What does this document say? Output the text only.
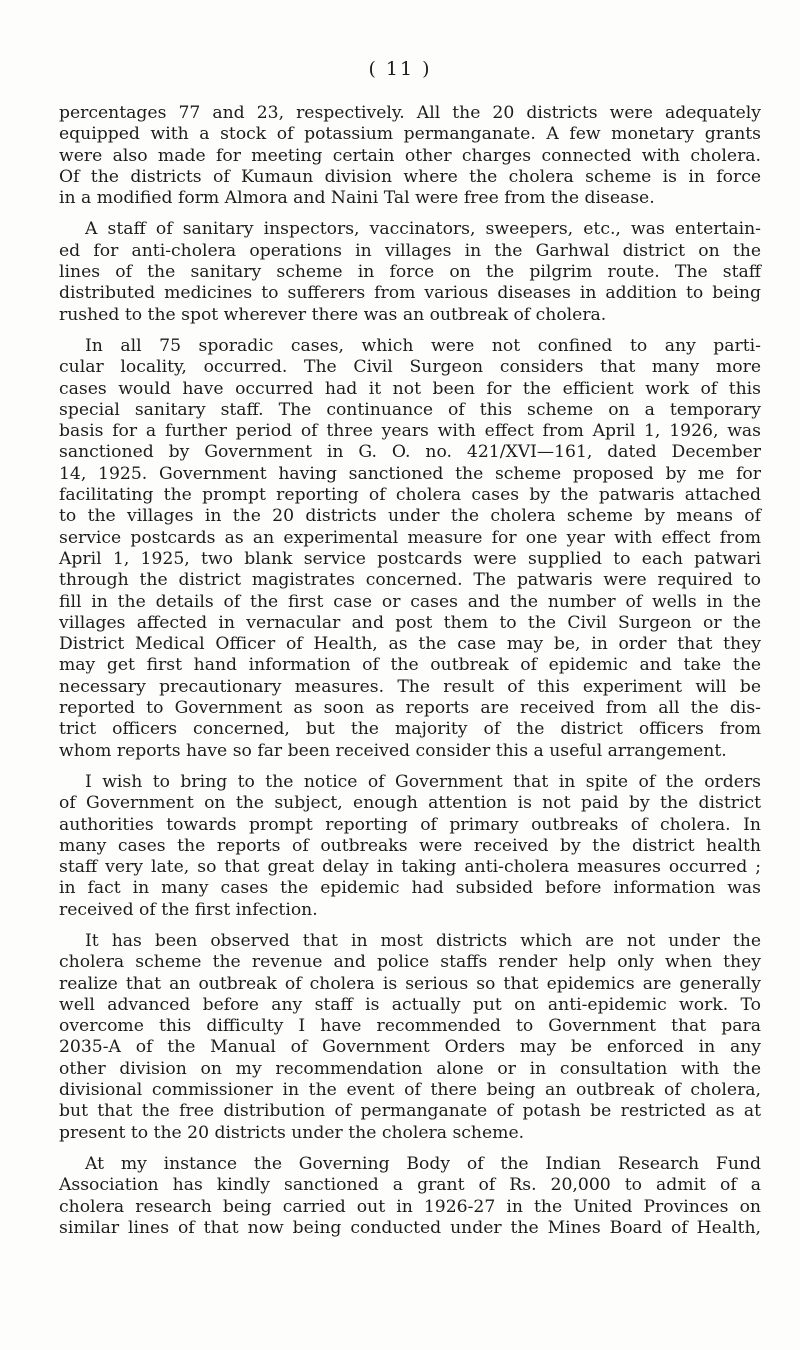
( 11 )

percentages 77 and 23, respectively. All the 20 districts were adequately
equipped with a stock of potassium permanganate. A few monetary grants
were also made for meeting certain other charges connected with cholera.
Of the districts of Kumaun division where the cholera scheme is in force
in a modified form Almora and Naini Tal were free from the disease.

A staff of sanitary inspectors, vaccinators, sweepers, etc., was entertain-
ed for anti-cholera operations in villages in the Garhwal district on the
lines of the sanitary scheme in force on the pilgrim route. The staff
distributed medicines to sufferers from various diseases in addition to being
rushed to the spot wherever there was an outbreak of cholera.

In all 75 sporadic cases, which were not confined to any parti-
cular locality, occurred. The Civil Surgeon considers that many more
cases would have occurred had it not been for the efficient work of this
special sanitary staff. The continuance of this scheme on a temporary
basis for a further period of three years with effect from April 1, 1926, was
sanctioned by Government in G. O. no. 421/XVI—161, dated December
14, 1925. Government having sanctioned the scheme proposed by me for
facilitating the prompt reporting of cholera cases by the patwaris attached
to the villages in the 20 districts under the cholera scheme by means of
service postcards as an experimental measure for one year with effect from
April 1, 1925, two blank service postcards were supplied to each patwari
through the district magistrates concerned. The patwaris were required to
fill in the details of the first case or cases and the number of wells in the
villages affected in vernacular and post them to the Civil Surgeon or the
District Medical Officer of Health, as the case may be, in order that they
may get first hand information of the outbreak of epidemic and take the
necessary precautionary measures. The result of this experiment will be
reported to Government as soon as reports are received from all the dis-
trict officers concerned, but the majority of the district officers from
whom reports have so far been received consider this a useful arrangement.

I wish to bring to the notice of Government that in spite of the orders
of Government on the subject, enough attention is not paid by the district
authorities towards prompt reporting of primary outbreaks of cholera. In
many cases the reports of outbreaks were received by the district health
staff very late, so that great delay in taking anti-cholera measures occurred ;
in fact in many cases the epidemic had subsided before information was
received of the first infection.

It has been observed that in most districts which are not under the
cholera scheme the revenue and police staffs render help only when they
realize that an outbreak of cholera is serious so that epidemics are generally
well advanced before any staff is actually put on anti-epidemic work. To
overcome this difficulty I have recommended to Government that para
2035-A of the Manual of Government Orders may be enforced in any
other division on my recommendation alone or in consultation with the
divisional commissioner in the event of there being an outbreak of cholera,
but that the free distribution of permanganate of potash be restricted as at
present to the 20 districts under the cholera scheme.

At my instance the Governing Body of the Indian Research Fund
Association has kindly sanctioned a grant of Rs. 20,000 to admit of a
cholera research being carried out in 1926-27 in the United Provinces on
similar lines of that now being conducted under the Mines Board of Health,
